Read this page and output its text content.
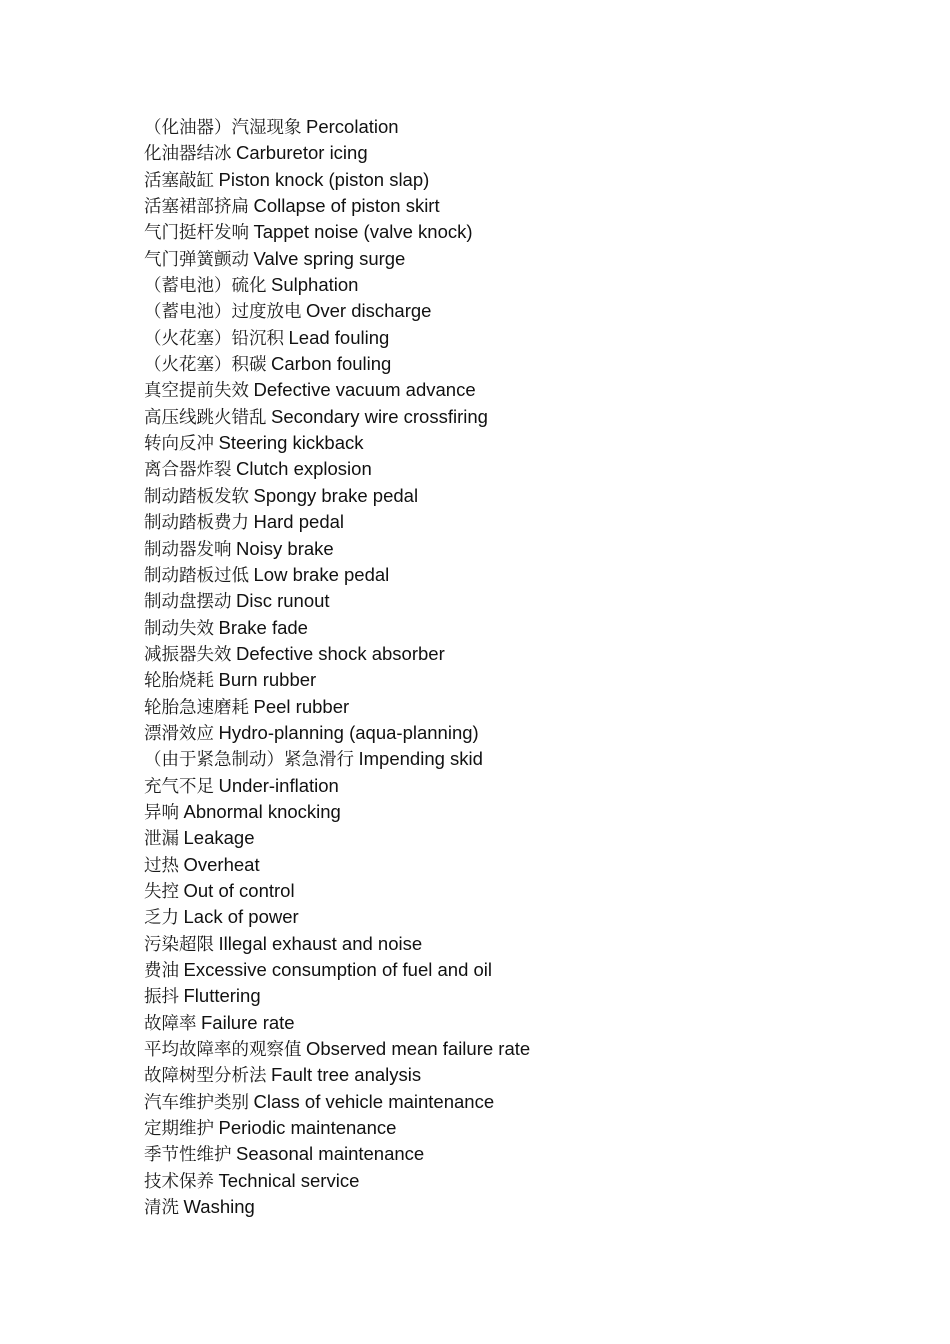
（化油器）汽湿现象 Percolation
化油器结冰 Carburetor icing
活塞敲缸 Piston knock (piston slap)
活塞裙部挤扁 Collapse of piston skirt
气门挺杆发响 Tappet noise (valve knock)
气门弹簧颤动 Valve spring surge
（蓄电池）硫化 Sulphation
（蓄电池）过度放电 Over discharge
（火花塞）铅沉积 Lead fouling
（火花塞）积碳 Carbon fouling
真空提前失效 Defective vacuum advance
高压线跳火错乱 Secondary wire crossfiring
转向反冲 Steering kickback
离合器炸裂 Clutch explosion
制动踏板发软 Spongy brake pedal
制动踏板费力 Hard pedal
制动器发响 Noisy brake
制动踏板过低 Low brake pedal
制动盘摆动 Disc runout
制动失效 Brake fade
减振器失效 Defective shock absorber
轮胎烧耗 Burn rubber
轮胎急速磨耗 Peel rubber
漂滑效应 Hydro-planning (aqua-planning)
（由于紧急制动）紧急滑行 Impending skid
充气不足 Under-inflation
异响 Abnormal knocking
泄漏 Leakage
过热 Overheat
失控 Out of control
乏力 Lack of power
污染超限 Illegal exhaust and noise
费油 Excessive consumption of fuel and oil
振抖 Fluttering
故障率 Failure rate
平均故障率的观察值 Observed mean failure rate
故障树型分析法 Fault tree analysis
汽车维护类别 Class of vehicle maintenance
定期维护 Periodic maintenance
季节性维护 Seasonal maintenance
技术保养 Technical service
清洗 Washing
